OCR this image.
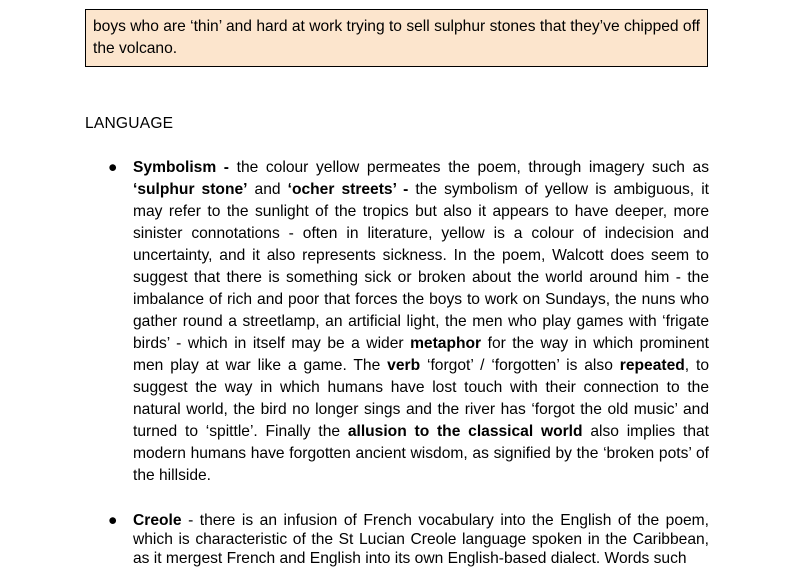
boys who are ‘thin’ and hard at work trying to sell sulphur stones that they’ve chipped off the volcano.
LANGUAGE
● Symbolism - the colour yellow permeates the poem, through imagery such as ‘sulphur stone’ and ‘ocher streets’ - the symbolism of yellow is ambiguous, it may refer to the sunlight of the tropics but also it appears to have deeper, more sinister connotations - often in literature, yellow is a colour of indecision and uncertainty, and it also represents sickness. In the poem, Walcott does seem to suggest that there is something sick or broken about the world around him - the imbalance of rich and poor that forces the boys to work on Sundays, the nuns who gather round a streetlamp, an artificial light, the men who play games with ‘frigate birds’ - which in itself may be a wider metaphor for the way in which prominent men play at war like a game. The verb ‘forgot’ / ‘forgotten’ is also repeated, to suggest the way in which humans have lost touch with their connection to the natural world, the bird no longer sings and the river has ‘forgot the old music’ and turned to ‘spittle’. Finally the allusion to the classical world also implies that modern humans have forgotten ancient wisdom, as signified by the ‘broken pots’ of the hillside.
● Creole - there is an infusion of French vocabulary into the English of the poem, which is characteristic of the St Lucian Creole language spoken in the Caribbean, as it mergest French and English into its own English-based dialect. Words such
